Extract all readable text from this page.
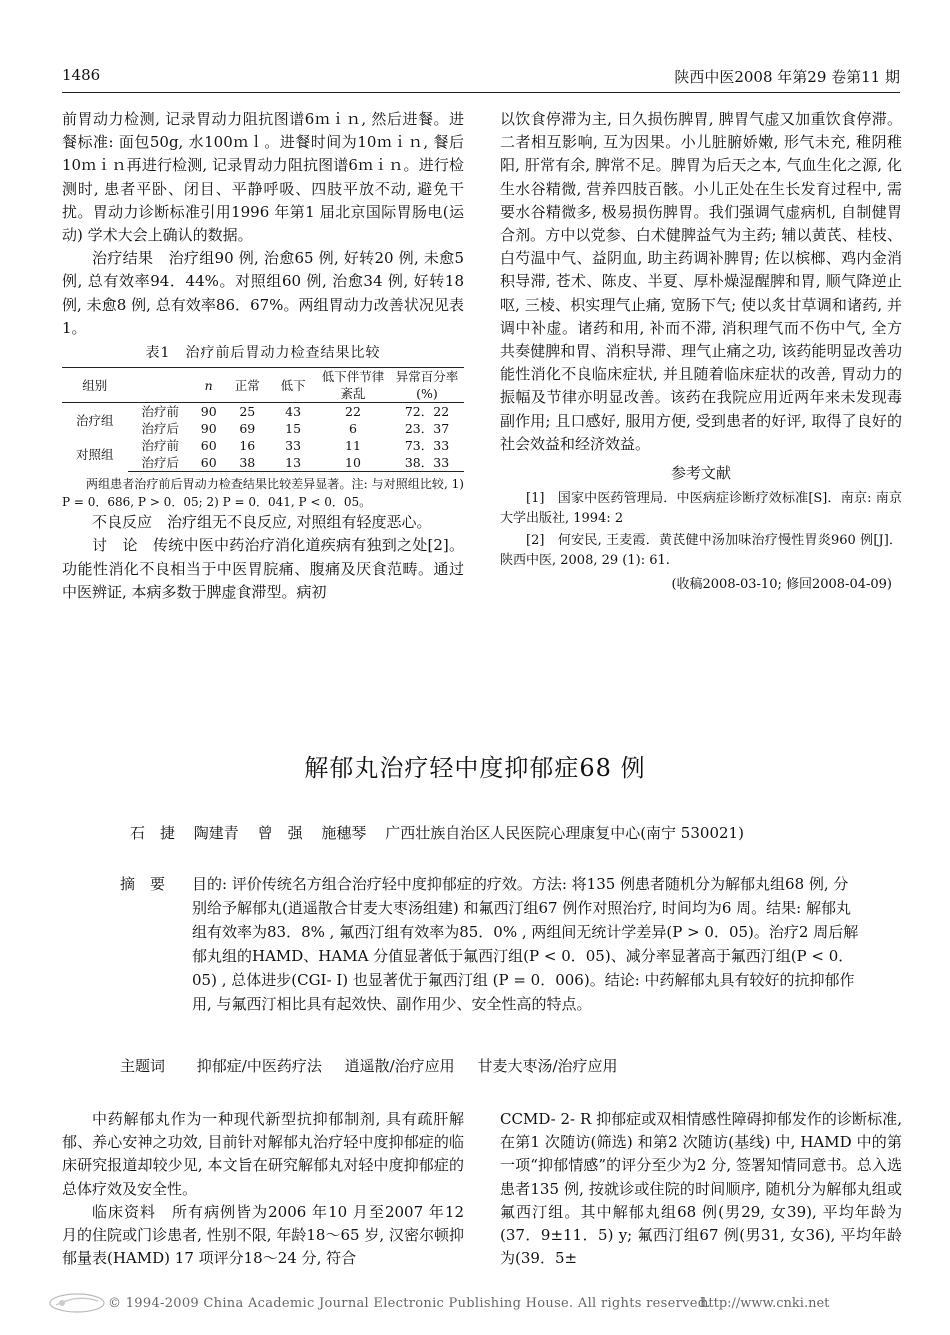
1486	陕西中医2008 年第29 卷第11 期

前胃动力检测, 记录胃动力阻抗图谱6ｍｉｎ, 然后进餐。进餐标准: 面包50g, 水100ｍｌ。进餐时间为10ｍｉｎ, 餐后10ｍｉｎ再进行检测, 记录胃动力阻抗图谱6ｍｉｎ。进行检测时, 患者平卧、闭目、平静呼吸、四肢平放不动, 避免干扰。胃动力诊断标准引用1996 年第1 届北京国际胃肠电(运动) 学术大会上确认的数据。

治疗结果　治疗组90 例, 治愈65 例, 好转20 例, 未愈5 例, 总有效率94．44%。对照组60 例, 治愈34 例, 好转18 例, 未愈8 例, 总有效率86．67%。两组胃动力改善状况见表1。

表1　治疗前后胃动力检查结果比较
组别		n	正常	低下	低下伴节律紊乱	异常百分率(%)
治疗组	治疗前	90	25	43	22	72．22
	治疗后	90	69	15	6	23．37
对照组	治疗前	60	16	33	11	73．33
	治疗后	60	38	13	10	38．33
两组患者治疗前后胃动力检查结果比较差异显著。注: 与对照组比较, 1) P = 0．686, P > 0．05; 2) P = 0．041, P < 0．05。

不良反应　治疗组无不良反应, 对照组有轻度恶心。

讨　论　传统中医中药治疗消化道疾病有独到之处[2]。功能性消化不良相当于中医胃脘痛、腹痛及厌食范畴。通过中医辨证, 本病多数于脾虚食滞型。病初

以饮食停滞为主, 日久损伤脾胃, 脾胃气虚又加重饮食停滞。二者相互影响, 互为因果。小儿脏腑娇嫩, 形气未充, 稚阴稚阳, 肝常有余, 脾常不足。脾胃为后天之本, 气血生化之源, 化生水谷精微, 营养四肢百骸。小儿正处在生长发育过程中, 需要水谷精微多, 极易损伤脾胃。我们强调气虚病机, 自制健胃合剂。方中以党参、白术健脾益气为主药; 辅以黄芪、桂枝、白芍温中气、益阴血, 助主药调补脾胃; 佐以槟榔、鸡内金消积导滞, 苍术、陈皮、半夏、厚朴燥湿醒脾和胃, 顺气降逆止呕, 三棱、枳实理气止痛, 宽肠下气; 使以炙甘草调和诸药, 并调中补虚。诸药和用, 补而不滞, 消积理气而不伤中气, 全方共奏健脾和胃、消积导滞、理气止痛之功, 该药能明显改善功能性消化不良临床症状, 并且随着临床症状的改善, 胃动力的振幅及节律亦明显改善。该药在我院应用近两年来未发现毒副作用; 且口感好, 服用方便, 受到患者的好评, 取得了良好的社会效益和经济效益。

参考文献

[1]　国家中医药管理局．中医病症诊断疗效标准[S]．南京: 南京大学出版社, 1994: 2

[2]　何安民, 王麦霞．黄芪健中汤加味治疗慢性胃炎960 例[J]．陕西中医, 2008, 29 (1): 61.

(收稿2008-03-10; 修回2008-04-09)
解郁丸治疗轻中度抑郁症68 例
石　捷 陶建青 曾　强 施穗琴 广西壮族自治区人民医院心理康复中心(南宁 530021)
摘　要	目的: 评价传统名方组合治疗轻中度抑郁症的疗效。方法: 将135 例患者随机分为解郁丸组68 例, 分别给予解郁丸(逍遥散合甘麦大枣汤组建) 和氟西汀组67 例作对照治疗, 时间均为6 周。结果: 解郁丸组有效率为83．8% , 氟西汀组有效率为85．0% , 两组间无统计学差异(P > 0．05)。治疗2 周后解郁丸组的HAMD、HAMA 分值显著低于氟西汀组(P < 0．05)、减分率显著高于氟西汀组(P < 0．05) , 总体进步(CGI- I) 也显著优于氟西汀组 (P = 0．006)。结论: 中药解郁丸具有较好的抗抑郁作用, 与氟西汀相比具有起效快、副作用少、安全性高的特点。
主题词 抑郁症/中医药疗法 逍遥散/治疗应用 甘麦大枣汤/治疗应用

中药解郁丸作为一种现代新型抗抑郁制剂, 具有疏肝解郁、养心安神之功效, 目前针对解郁丸治疗轻中度抑郁症的临床研究报道却较少见, 本文旨在研究解郁丸对轻中度抑郁症的总体疗效及安全性。

临床资料　所有病例皆为2006 年10 月至2007 年12 月的住院或门诊患者, 性别不限, 年龄18～65 岁, 汉密尔顿抑郁量表(HAMD) 17 项评分18～24 分, 符合

CCMD- 2- R 抑郁症或双相情感性障碍抑郁发作的诊断标准, 在第1 次随访(筛选) 和第2 次随访(基线) 中, HAMD 中的第一项“抑郁情感”的评分至少为2 分, 签署知情同意书。总入选患者135 例, 按就诊或住院的时间顺序, 随机分为解郁丸组或氟西汀组。其中解郁丸组68 例(男29, 女39), 平均年龄为(37．9±11．5) y; 氟西汀组67 例(男31, 女36), 平均年龄为(39．5±

© 1994-2009 China Academic Journal Electronic Publishing House. All rights reserved.
http://www.cnki.net
